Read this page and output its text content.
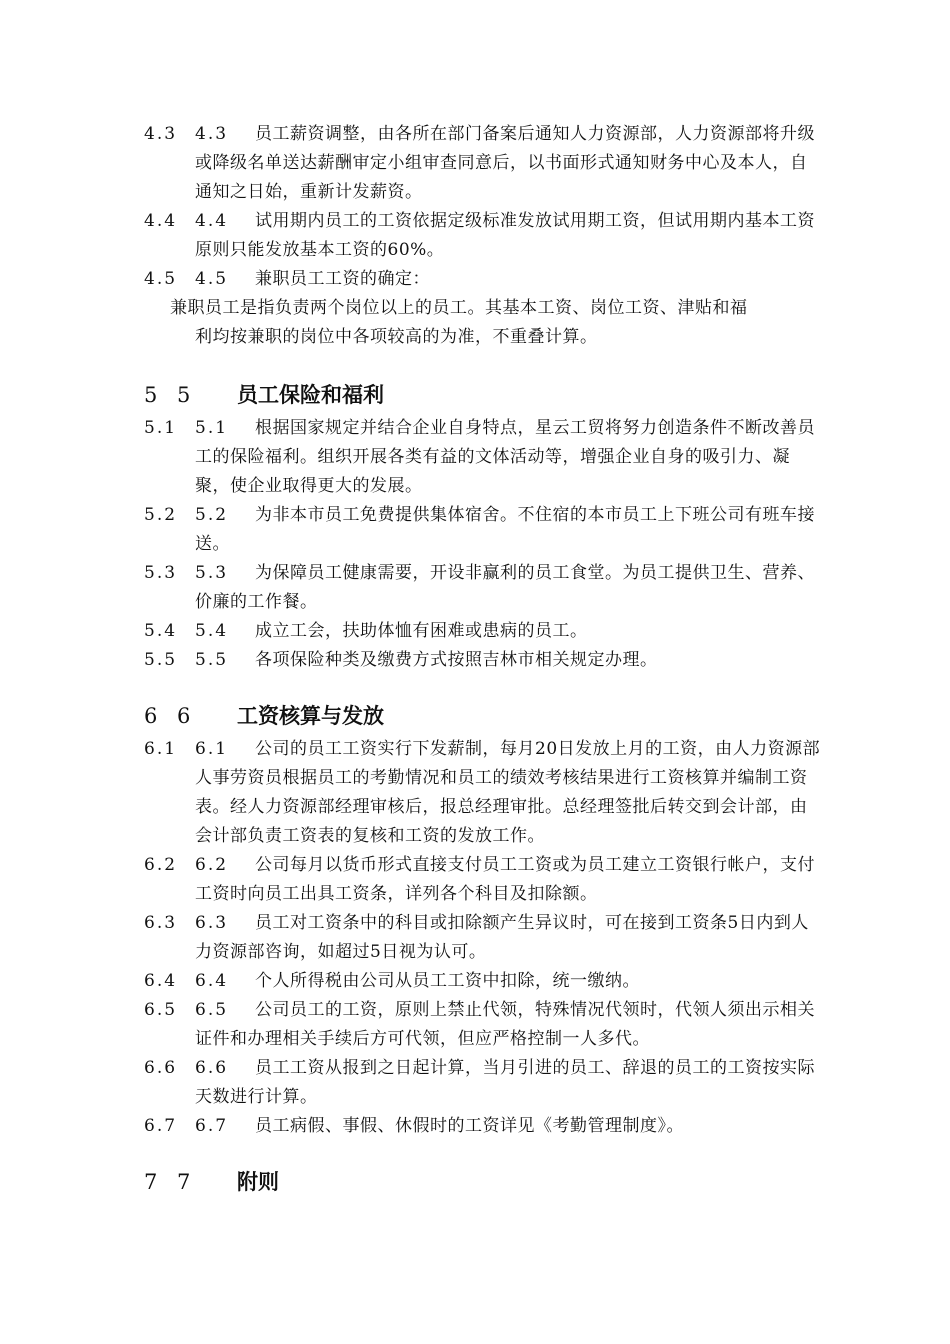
4.3	4.3	员工薪资调整，由各所在部门备案后通知人力资源部，人力资源部将升级或降级名单送达薪酬审定小组审查同意后，以书面形式通知财务中心及本人，自通知之日始，重新计发薪资。
4.4	4.4	试用期内员工的工资依据定级标准发放试用期工资，但试用期内基本工资原则只能发放基本工资的60%。
4.5	4.5	兼职员工工资的确定：
兼职员工是指负责两个岗位以上的员工。其基本工资、岗位工资、津贴和福
利均按兼职的岗位中各项较高的为准，不重叠计算。
5 5 员工保险和福利
5.1	5.1	根据国家规定并结合企业自身特点，星云工贸将努力创造条件不断改善员工的保险福利。组织开展各类有益的文体活动等，增强企业自身的吸引力、凝聚，使企业取得更大的发展。
5.2	5.2	为非本市员工免费提供集体宿舍。不住宿的本市员工上下班公司有班车接送。
5.3	5.3	为保障员工健康需要，开设非赢利的员工食堂。为员工提供卫生、营养、价廉的工作餐。
5.4	5.4	成立工会，扶助体恤有困难或患病的员工。
5.5	5.5	各项保险种类及缴费方式按照吉林市相关规定办理。
6 6 工资核算与发放
6.1	6.1	公司的员工工资实行下发薪制，每月20日发放上月的工资，由人力资源部人事劳资员根据员工的考勤情况和员工的绩效考核结果进行工资核算并编制工资表。经人力资源部经理审核后，报总经理审批。总经理签批后转交到会计部，由会计部负责工资表的复核和工资的发放工作。
6.2	6.2	公司每月以货币形式直接支付员工工资或为员工建立工资银行帐户，支付工资时向员工出具工资条，详列各个科目及扣除额。
6.3	6.3	员工对工资条中的科目或扣除额产生异议时，可在接到工资条5日内到人力资源部咨询，如超过5日视为认可。
6.4	6.4	个人所得税由公司从员工工资中扣除，统一缴纳。
6.5	6.5	公司员工的工资，原则上禁止代领，特殊情况代领时，代领人须出示相关证件和办理相关手续后方可代领，但应严格控制一人多代。
6.6	6.6	员工工资从报到之日起计算，当月引进的员工、辞退的员工的工资按实际天数进行计算。
6.7	6.7	员工病假、事假、休假时的工资详见《考勤管理制度》。
7 7 附则
